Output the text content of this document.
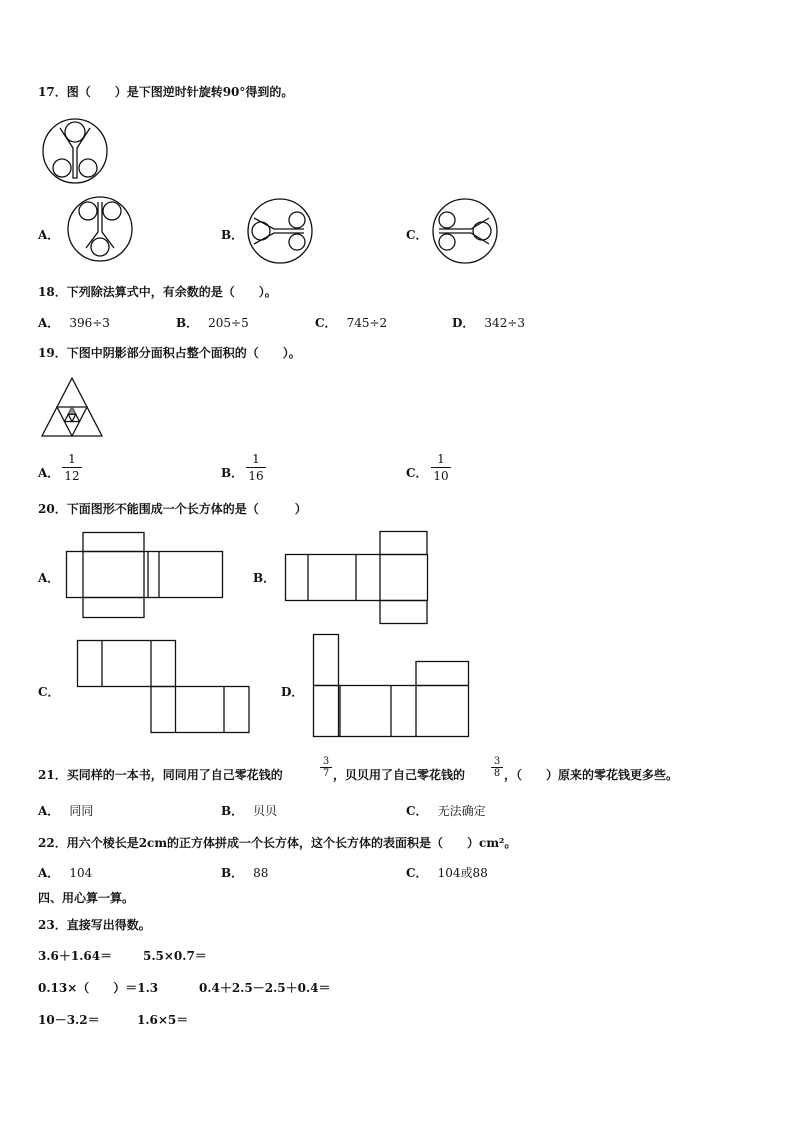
17．图（　　）是下图逆时针旋转90°得到的。
A．	B．	C．
18．下列除法算式中，有余数的是（　　）。
A． 396÷3	B． 205÷5	C． 745÷2	D． 342÷3
19．下图中阴影部分面积占整个面积的（　　）。
A．
1
12	B．
1
16	C．
1
10
20．下面图形不能围成一个长方体的是（　　　）
A．	B．
C．	D．
21．买同样的一本书，同同用了自己零花钱的
3
7 ，贝贝用了自己零花钱的
3
8 ，（　　）原来的零花钱更多些。
A． 同同	B． 贝贝	C． 无法确定
22．用六个棱长是2cm的正方体拼成一个长方体，这个长方体的表面积是（　　）cm²。
A． 104	B． 88	C． 104或88
四、用心算一算。
23．直接写出得数。
3.6＋1.64＝	5.5×0.7＝
0.13×（　　）＝1.3	0.4＋2.5－2.5＋0.4＝
10－3.2＝	1.6×5＝
